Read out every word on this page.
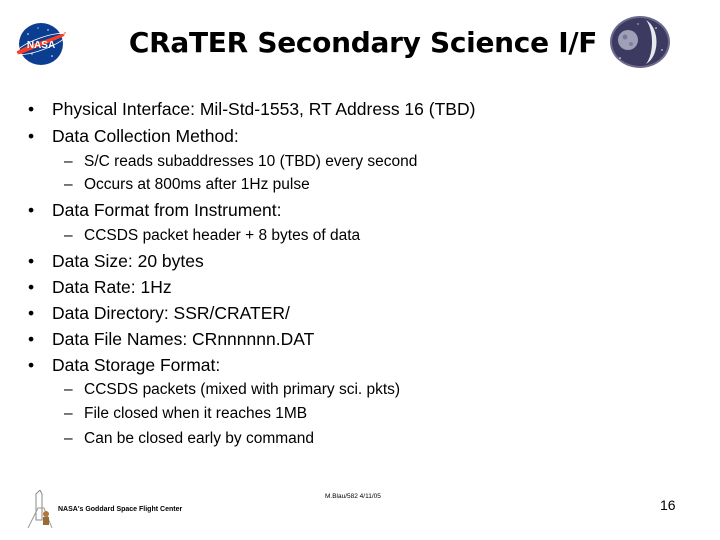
NASA	CRaTER Secondary Science I/F
• Physical Interface: Mil-Std-1553, RT Address 16 (TBD)
• Data Collection Method:
– S/C reads subaddresses 10 (TBD) every second
– Occurs at 800ms after 1Hz pulse
• Data Format from Instrument:
– CCSDS packet header + 8 bytes of data
• Data Size: 20 bytes
• Data Rate: 1Hz
• Data Directory: SSR/CRATER/
• Data File Names: CRnnnnnn.DAT
• Data Storage Format:
– CCSDS packets (mixed with primary sci. pkts)
– File closed when it reaches 1MB
– Can be closed early by command
NASA's Goddard Space Flight Center
M.Blau/582 4/11/05
16
